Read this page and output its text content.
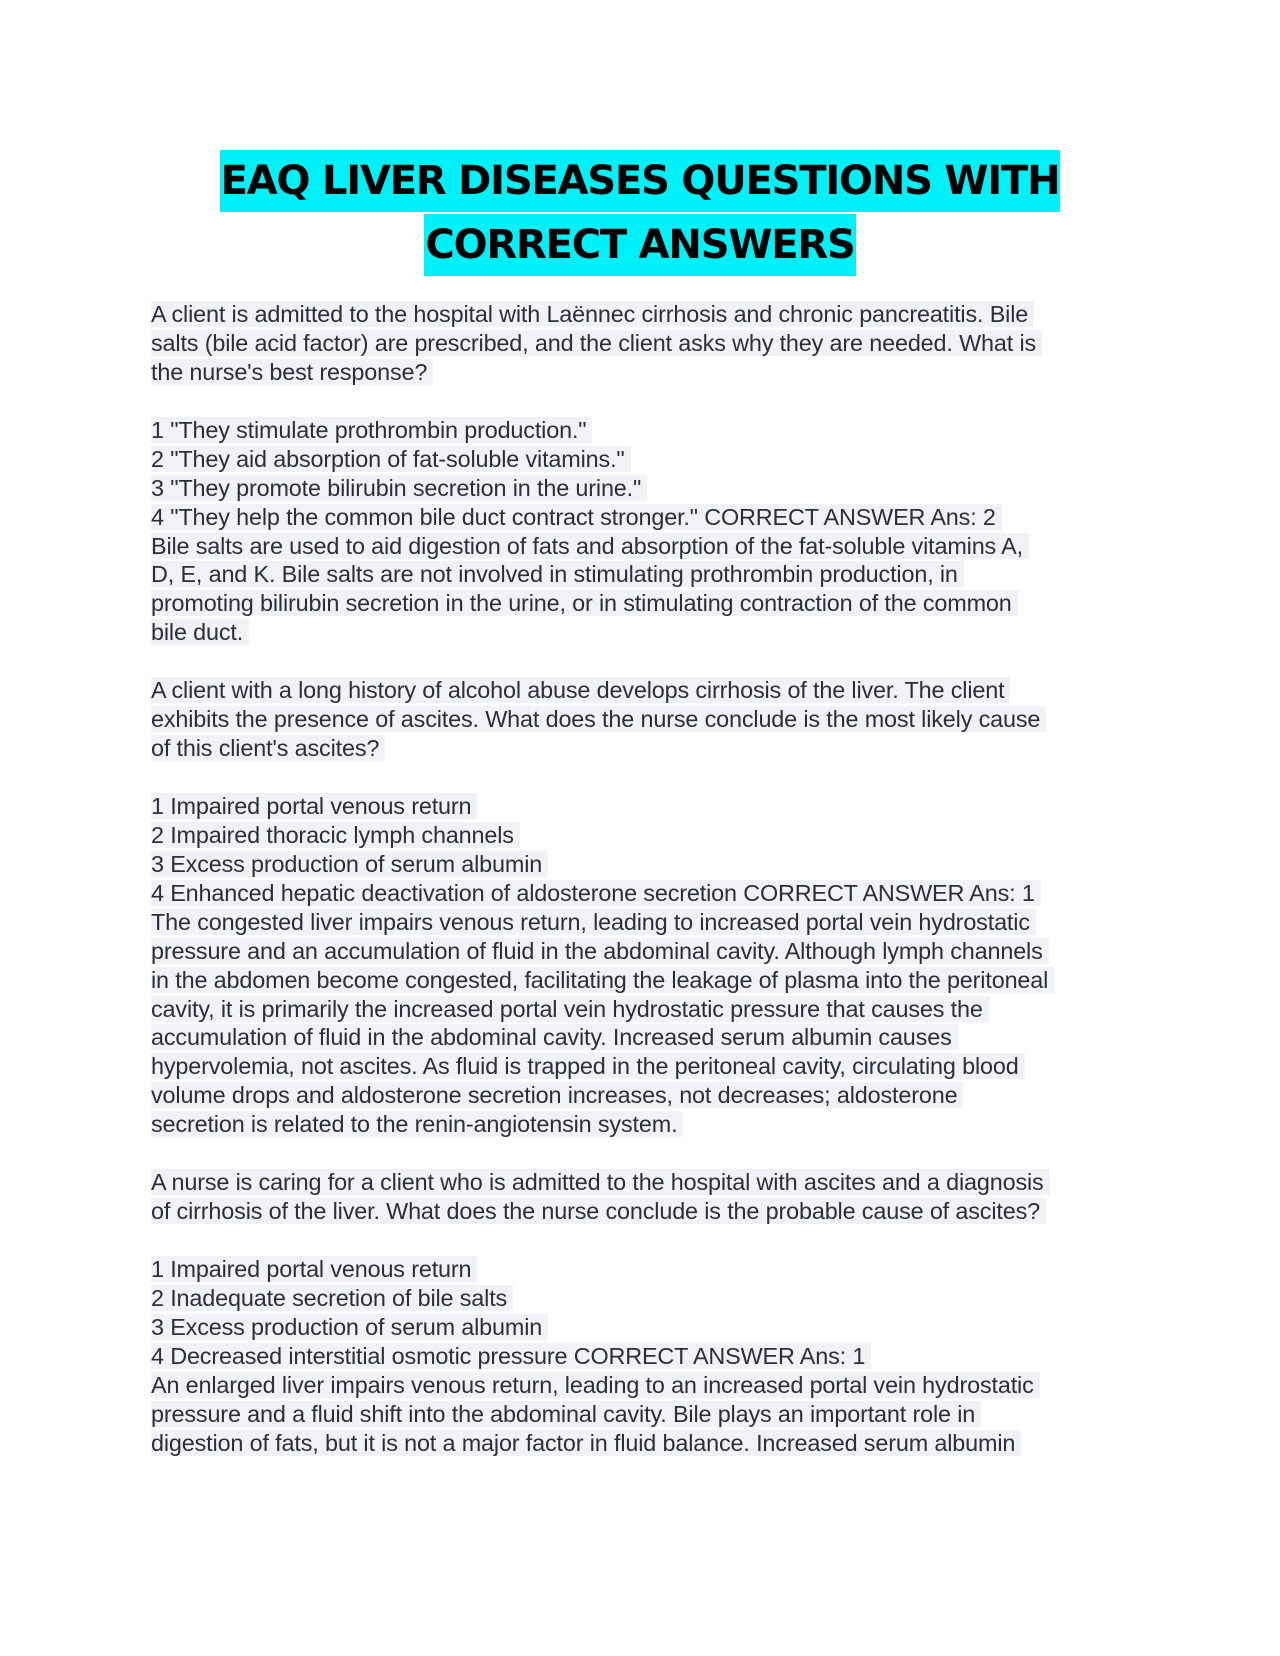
EAQ LIVER DISEASES QUESTIONS WITH
CORRECT ANSWERS
A client is admitted to the hospital with Laënnec cirrhosis and chronic pancreatitis. Bile
salts (bile acid factor) are prescribed, and the client asks why they are needed. What is
the nurse's best response?
1 "They stimulate prothrombin production."
2 "They aid absorption of fat-soluble vitamins."
3 "They promote bilirubin secretion in the urine."
4 "They help the common bile duct contract stronger." CORRECT ANSWER Ans: 2
Bile salts are used to aid digestion of fats and absorption of the fat-soluble vitamins A,
D, E, and K. Bile salts are not involved in stimulating prothrombin production, in
promoting bilirubin secretion in the urine, or in stimulating contraction of the common
bile duct.
A client with a long history of alcohol abuse develops cirrhosis of the liver. The client
exhibits the presence of ascites. What does the nurse conclude is the most likely cause
of this client's ascites?
1 Impaired portal venous return
2 Impaired thoracic lymph channels
3 Excess production of serum albumin
4 Enhanced hepatic deactivation of aldosterone secretion CORRECT ANSWER Ans: 1
The congested liver impairs venous return, leading to increased portal vein hydrostatic
pressure and an accumulation of fluid in the abdominal cavity. Although lymph channels
in the abdomen become congested, facilitating the leakage of plasma into the peritoneal
cavity, it is primarily the increased portal vein hydrostatic pressure that causes the
accumulation of fluid in the abdominal cavity. Increased serum albumin causes
hypervolemia, not ascites. As fluid is trapped in the peritoneal cavity, circulating blood
volume drops and aldosterone secretion increases, not decreases; aldosterone
secretion is related to the renin-angiotensin system.
A nurse is caring for a client who is admitted to the hospital with ascites and a diagnosis
of cirrhosis of the liver. What does the nurse conclude is the probable cause of ascites?
1 Impaired portal venous return
2 Inadequate secretion of bile salts
3 Excess production of serum albumin
4 Decreased interstitial osmotic pressure CORRECT ANSWER Ans: 1
An enlarged liver impairs venous return, leading to an increased portal vein hydrostatic
pressure and a fluid shift into the abdominal cavity. Bile plays an important role in
digestion of fats, but it is not a major factor in fluid balance. Increased serum albumin
